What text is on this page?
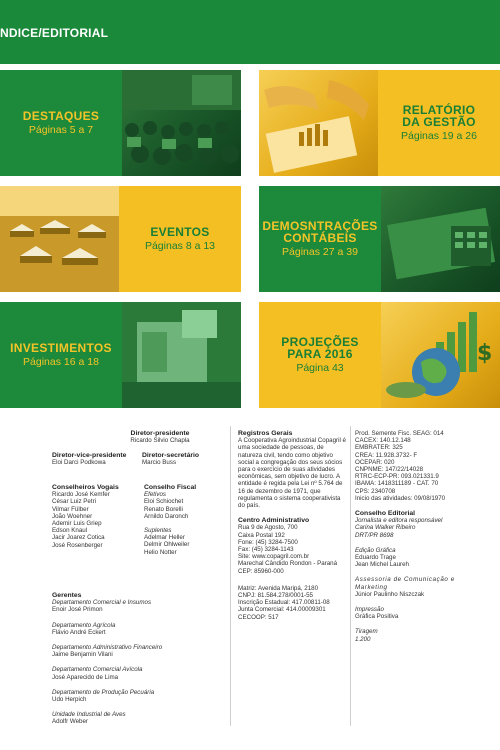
NDICE/EDITORIAL
DESTAQUES
Páginas 5 a 7
RELATÓRIO
DA GESTÃO
Páginas 19 a 26
EVENTOS
Páginas 8 a 13
DEMOSNTRAÇÕES
CONTÁBEIS
Páginas 27 a 39
INVESTIMENTOS
Páginas 16 a 18
PROJEÇÕES
PARA 2016
Página 43
$
Diretor-presidente
Ricardo Silvio Chapla
Diretor-vice-presidente
Eloi Darci Podkowa
Diretor-secretário
Marcio Buss
Conselheiros Vogais
Ricardo José Kemfer
César Luiz Petri
Vilmar Fülber
João Woehner
Ademir Luis Griep
Edson Knaul
Jacir Joarez Cotica
José Rosenberger
Conselho Fiscal
Efetivos
Eloi Schiochet
Renato Borelli
Arnildo Daronch
Suplentes
Adelmar Heller
Delmir Ohlweiler
Helio Notter
Gerentes
Departamento Comercial e Insumos
Enoir José Primon
Departamento Agrícola
Flávio André Eckert
Departamento Administrativo Financeiro
Jaime Benjamin Vilani
Departamento Comercial Avícola
José Aparecido de Lima
Departamento de Produção Pecuária
Udo Herpich
Unidade Industrial de Aves
Adolfr Weber
Registros Gerais
A Cooperativa Agroindustrial Copagril é uma sociedade de pessoas, de natureza civil, tendo como objetivo social a congregação dos seus sócios para o exercício de suas atividades econômicas, sem objetivo de lucro. A entidade é regida pela Lei nº 5.764 de 16 de dezembro de 1971, que regulamenta o sistema cooperativista do país.
Centro Administrativo
Rua 9 de Agosto, 700
Caixa Postal 192
Fone: (45) 3284-7500
Fax: (45) 3284-1143
Site: www.copagril.com.br
Marechal Cândido Rondon - Paraná
CEP: 85960-000
Matriz: Avenida Maripá, 2180
CNPJ: 81.584.278/0001-55
Inscrição Estadual: 417.00811-08
Junta Comercial: 414.00009301
CECOOP: 517
Prod. Semente Fisc. SEAG: 014
CACEX: 140.12.148
EMBRATER: 325
CREA: 11.928.3732- F
OCEPAR: 020
CNPNME: 147/22/14028
RTRC-ECP-PR: 093.021331.9
IBAMA: 1418311189 - CAT. 70
CPS: 2340708
Inicio das atividades: 09/08/1970
Conselho Editorial
Jornalista e editora responsável
Carina Walker Ribeiro
DRT/PR 8698
Edição Gráfica
Eduardo Trage
Jean Michel Laureh
Assessoria de Comunicação e Marketing
Júnior Paulinho Niszczak
Impressão
Gráfica Positiva
Tiragem
1.200
